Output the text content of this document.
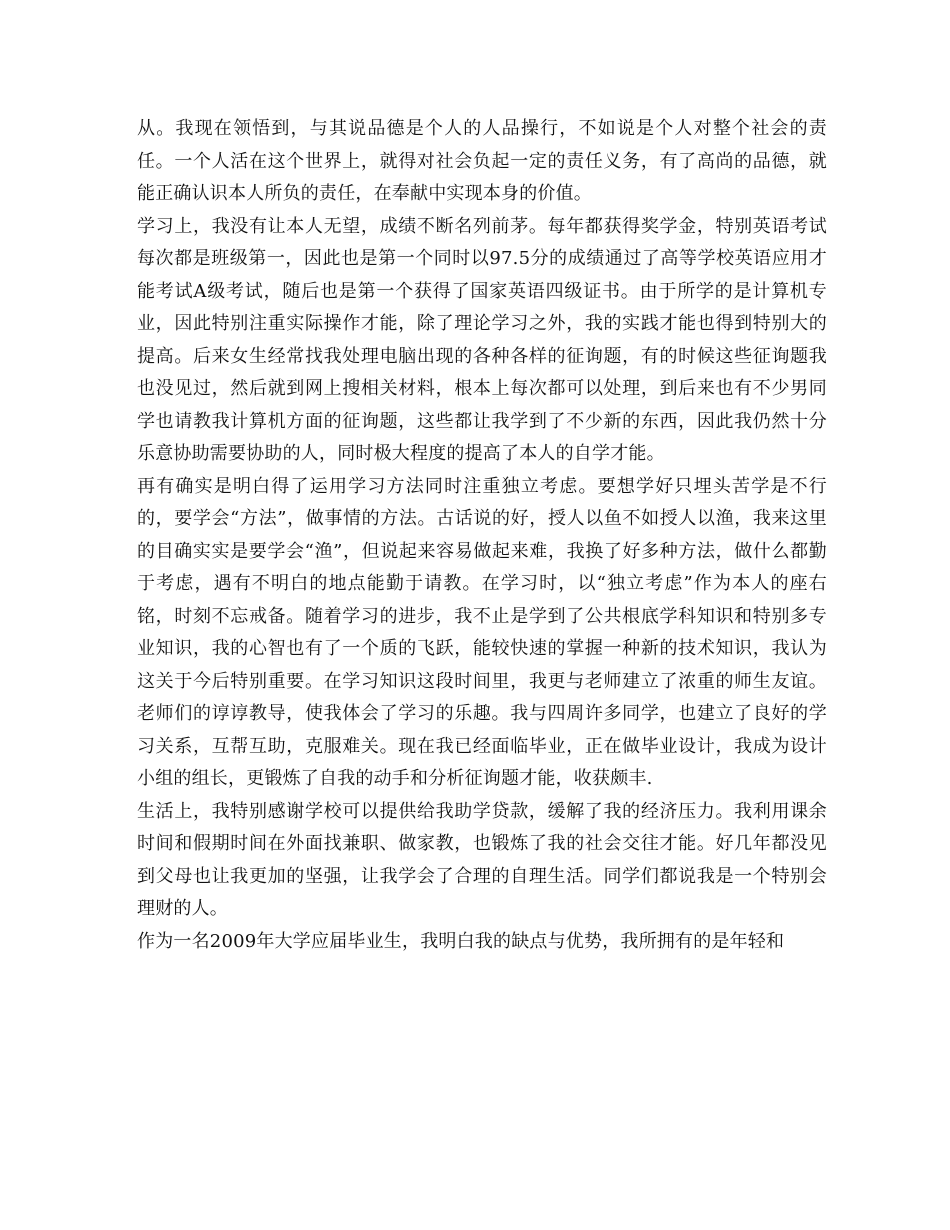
从。我现在领悟到，与其说品德是个人的人品操行，不如说是个人对整个社会的责任。一个人活在这个世界上，就得对社会负起一定的责任义务，有了高尚的品德，就能正确认识本人所负的责任，在奉献中实现本身的价值。

学习上，我没有让本人无望，成绩不断名列前茅。每年都获得奖学金，特别英语考试每次都是班级第一，因此也是第一个同时以97.5分的成绩通过了高等学校英语应用才能考试A级考试，随后也是第一个获得了国家英语四级证书。由于所学的是计算机专业，因此特别注重实际操作才能，除了理论学习之外，我的实践才能也得到特别大的提高。后来女生经常找我处理电脑出现的各种各样的征询题，有的时候这些征询题我也没见过，然后就到网上搜相关材料，根本上每次都可以处理，到后来也有不少男同学也请教我计算机方面的征询题，这些都让我学到了不少新的东西，因此我仍然十分乐意协助需要协助的人，同时极大程度的提高了本人的自学才能。

再有确实是明白得了运用学习方法同时注重独立考虑。要想学好只埋头苦学是不行的，要学会“方法”，做事情的方法。古话说的好，授人以鱼不如授人以渔，我来这里的目确实实是要学会“渔”，但说起来容易做起来难，我换了好多种方法，做什么都勤于考虑，遇有不明白的地点能勤于请教。在学习时，以“独立考虑”作为本人的座右铭，时刻不忘戒备。随着学习的进步，我不止是学到了公共根底学科知识和特别多专业知识，我的心智也有了一个质的飞跃，能较快速的掌握一种新的技术知识，我认为这关于今后特别重要。在学习知识这段时间里，我更与老师建立了浓重的师生友谊。老师们的谆谆教导，使我体会了学习的乐趣。我与四周许多同学，也建立了良好的学习关系，互帮互助，克服难关。现在我已经面临毕业，正在做毕业设计，我成为设计小组的组长，更锻炼了自我的动手和分析征询题才能，收获颇丰.

生活上，我特别感谢学校可以提供给我助学贷款，缓解了我的经济压力。我利用课余时间和假期时间在外面找兼职、做家教，也锻炼了我的社会交往才能。好几年都没见到父母也让我更加的坚强，让我学会了合理的自理生活。同学们都说我是一个特别会理财的人。

作为一名2009年大学应届毕业生，我明白我的缺点与优势，我所拥有的是年轻和
